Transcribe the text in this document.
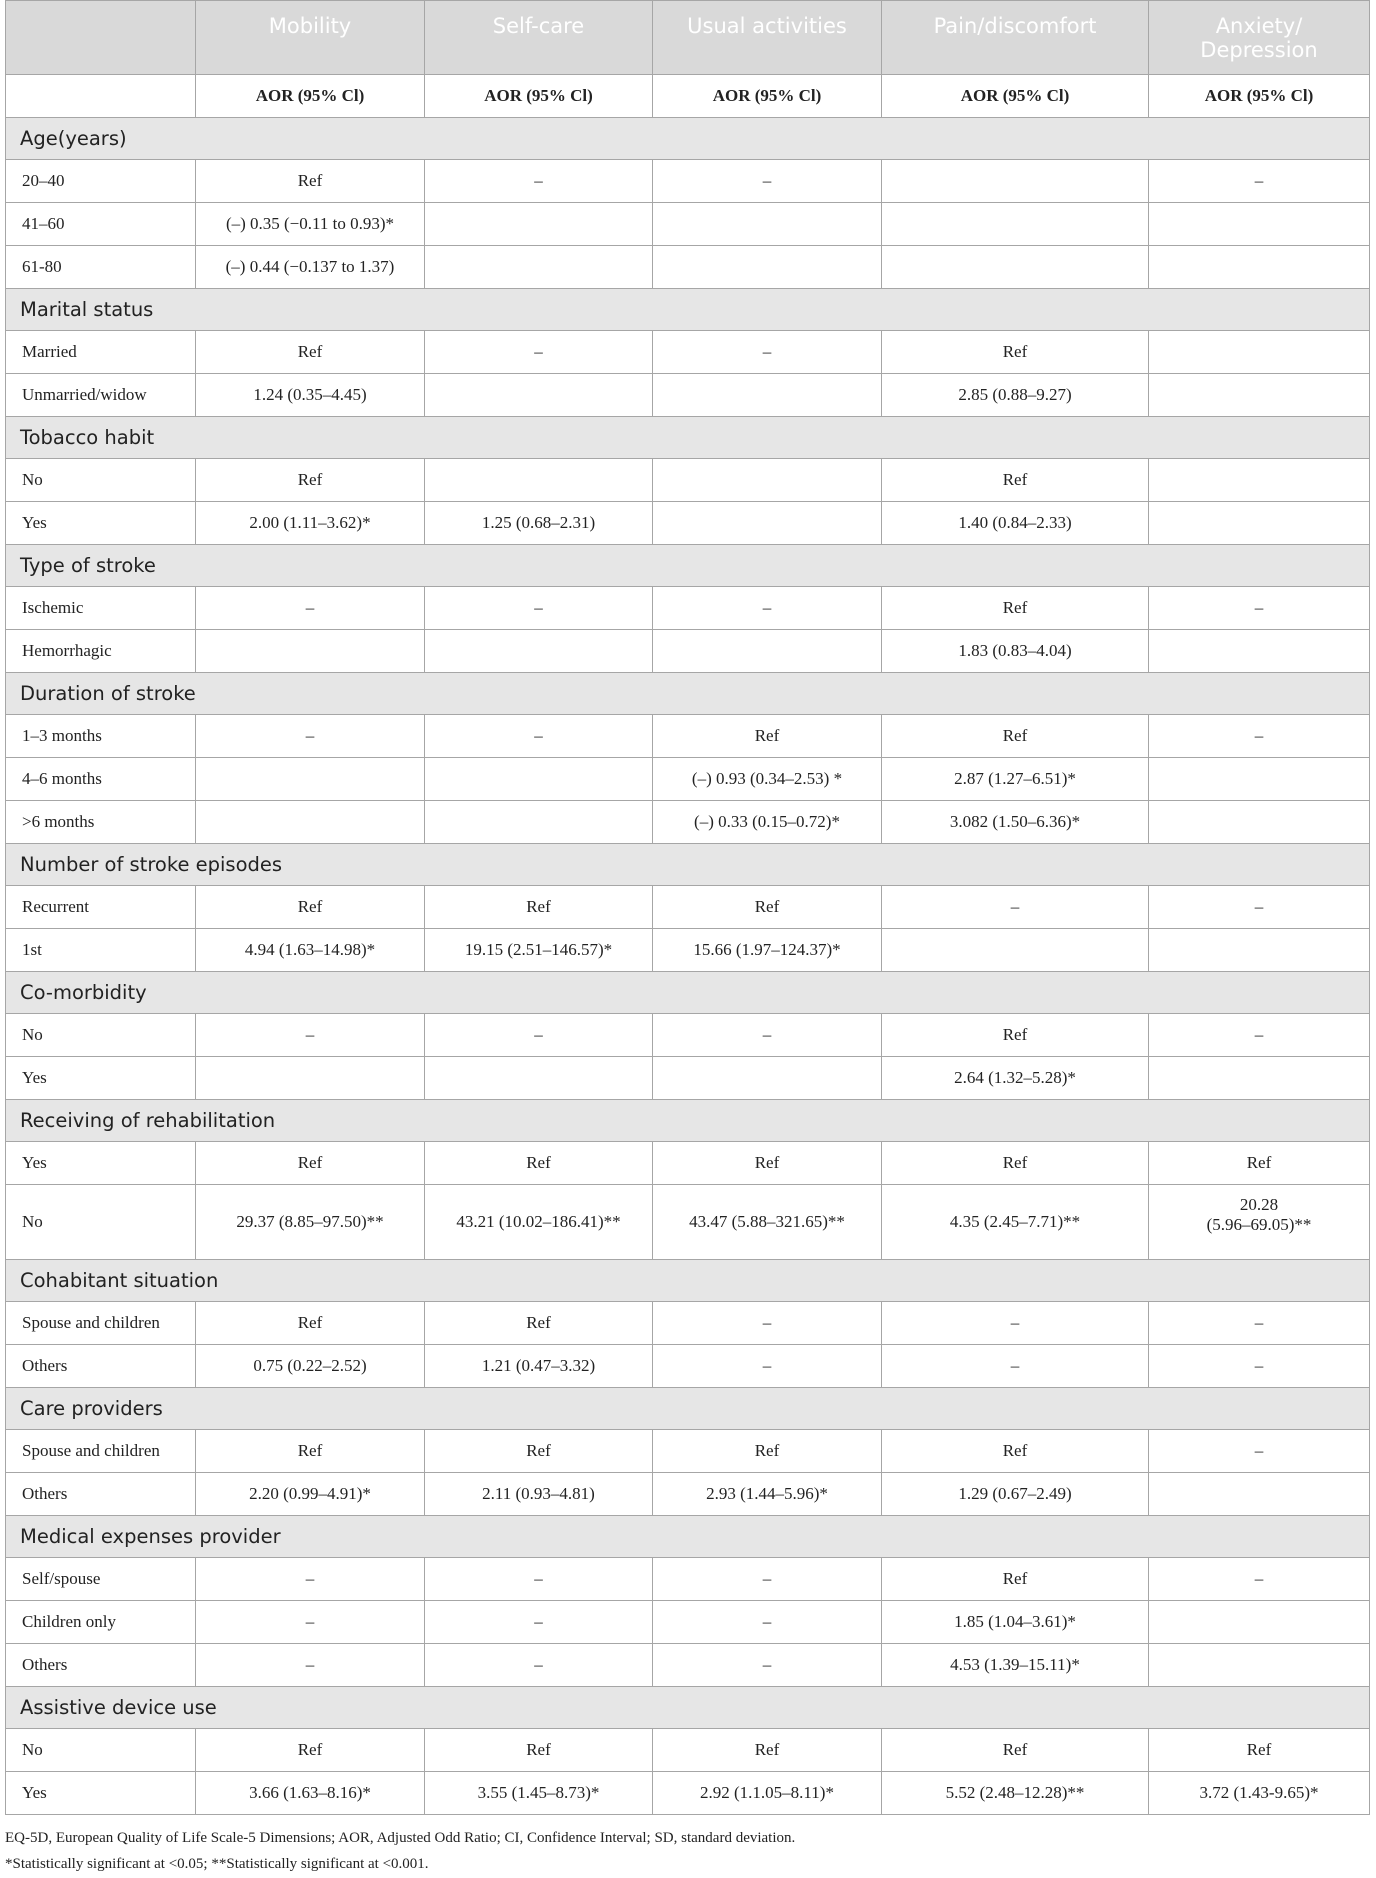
	Mobility	Self-care	Usual activities	Pain/discomfort	Anxiety/
Depression
	AOR (95% Cl)	AOR (95% Cl)	AOR (95% Cl)	AOR (95% Cl)	AOR (95% Cl)
Age(years)					
20–40	Ref	–	–		–
41–60	(–) 0.35 (−0.11 to 0.93)*				
61-80	(–) 0.44 (−0.137 to 1.37)				
Marital status					
Married	Ref	–	–	Ref	
Unmarried/widow	1.24 (0.35–4.45)			2.85 (0.88–9.27)	
Tobacco habit					
No	Ref			Ref	
Yes	2.00 (1.11–3.62)*	1.25 (0.68–2.31)		1.40 (0.84–2.33)	
Type of stroke					
Ischemic	–	–	–	Ref	–
Hemorrhagic				1.83 (0.83–4.04)	
Duration of stroke					
1–3 months	–	–	Ref	Ref	–
4–6 months			(–) 0.93 (0.34–2.53) *	2.87 (1.27–6.51)*	
>6 months			(–) 0.33 (0.15–0.72)*	3.082 (1.50–6.36)*	
Number of stroke episodes					
Recurrent	Ref	Ref	Ref	–	–
1st	4.94 (1.63–14.98)*	19.15 (2.51–146.57)*	15.66 (1.97–124.37)*		
Co-morbidity					
No	–	–	–	Ref	–
Yes				2.64 (1.32–5.28)*	
Receiving of rehabilitation					
Yes	Ref	Ref	Ref	Ref	Ref
No	29.37 (8.85–97.50)**	43.21 (10.02–186.41)**	43.47 (5.88–321.65)**	4.35 (2.45–7.71)**	20.28
(5.96–69.05)**
Cohabitant situation					
Spouse and children	Ref	Ref	–	–	–
Others	0.75 (0.22–2.52)	1.21 (0.47–3.32)	–	–	–
Care providers					
Spouse and children	Ref	Ref	Ref	Ref	–
Others	2.20 (0.99–4.91)*	2.11 (0.93–4.81)	2.93 (1.44–5.96)*	1.29 (0.67–2.49)	
Medical expenses provider					
Self/spouse	–	–	–	Ref	–
Children only	–	–	–	1.85 (1.04–3.61)*	
Others	–	–	–	4.53 (1.39–15.11)*	
Assistive device use					
No	Ref	Ref	Ref	Ref	Ref
Yes	3.66 (1.63–8.16)*	3.55 (1.45–8.73)*	2.92 (1.1.05–8.11)*	5.52 (2.48–12.28)**	3.72 (1.43-9.65)*
EQ-5D, European Quality of Life Scale-5 Dimensions; AOR, Adjusted Odd Ratio; CI, Confidence Interval; SD, standard deviation.
*Statistically significant at <0.05; **Statistically significant at <0.001.
